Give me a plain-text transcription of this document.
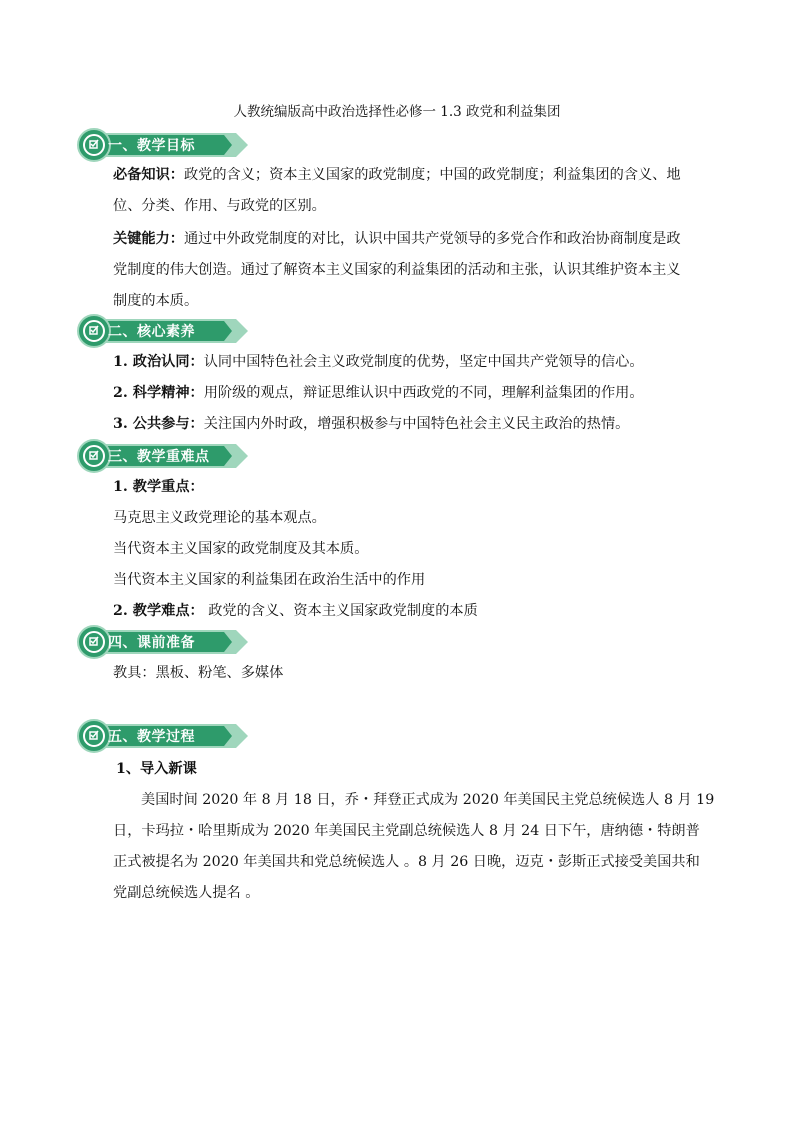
人教统编版高中政治选择性必修一 1.3 政党和利益集团
一、教学目标
必备知识：政党的含义；资本主义国家的政党制度；中国的政党制度；利益集团的含义、地
位、分类、作用、与政党的区别。
关键能力：通过中外政党制度的对比，认识中国共产党领导的多党合作和政治协商制度是政
党制度的伟大创造。通过了解资本主义国家的利益集团的活动和主张，认识其维护资本主义
制度的本质。
二、核心素养
1. 政治认同：认同中国特色社会主义政党制度的优势，坚定中国共产党领导的信心。
2. 科学精神：用阶级的观点，辩证思维认识中西政党的不同，理解利益集团的作用。
3. 公共参与：关注国内外时政，增强积极参与中国特色社会主义民主政治的热情。
三、教学重难点
1. 教学重点：
马克思主义政党理论的基本观点。
当代资本主义国家的政党制度及其本质。
当代资本主义国家的利益集团在政治生活中的作用
2. 教学难点： 政党的含义、资本主义国家政党制度的本质
四、课前准备
教具：黑板、粉笔、多媒体
五、教学过程
1、导入新课
美国时间 2020 年 8 月 18 日，乔・拜登正式成为 2020 年美国民主党总统候选人 8 月 19
日，卡玛拉・哈里斯成为 2020 年美国民主党副总统候选人 8 月 24 日下午，唐纳德・特朗普
正式被提名为 2020 年美国共和党总统候选人 。8 月 26 日晚，迈克・彭斯正式接受美国共和
党副总统候选人提名 。
